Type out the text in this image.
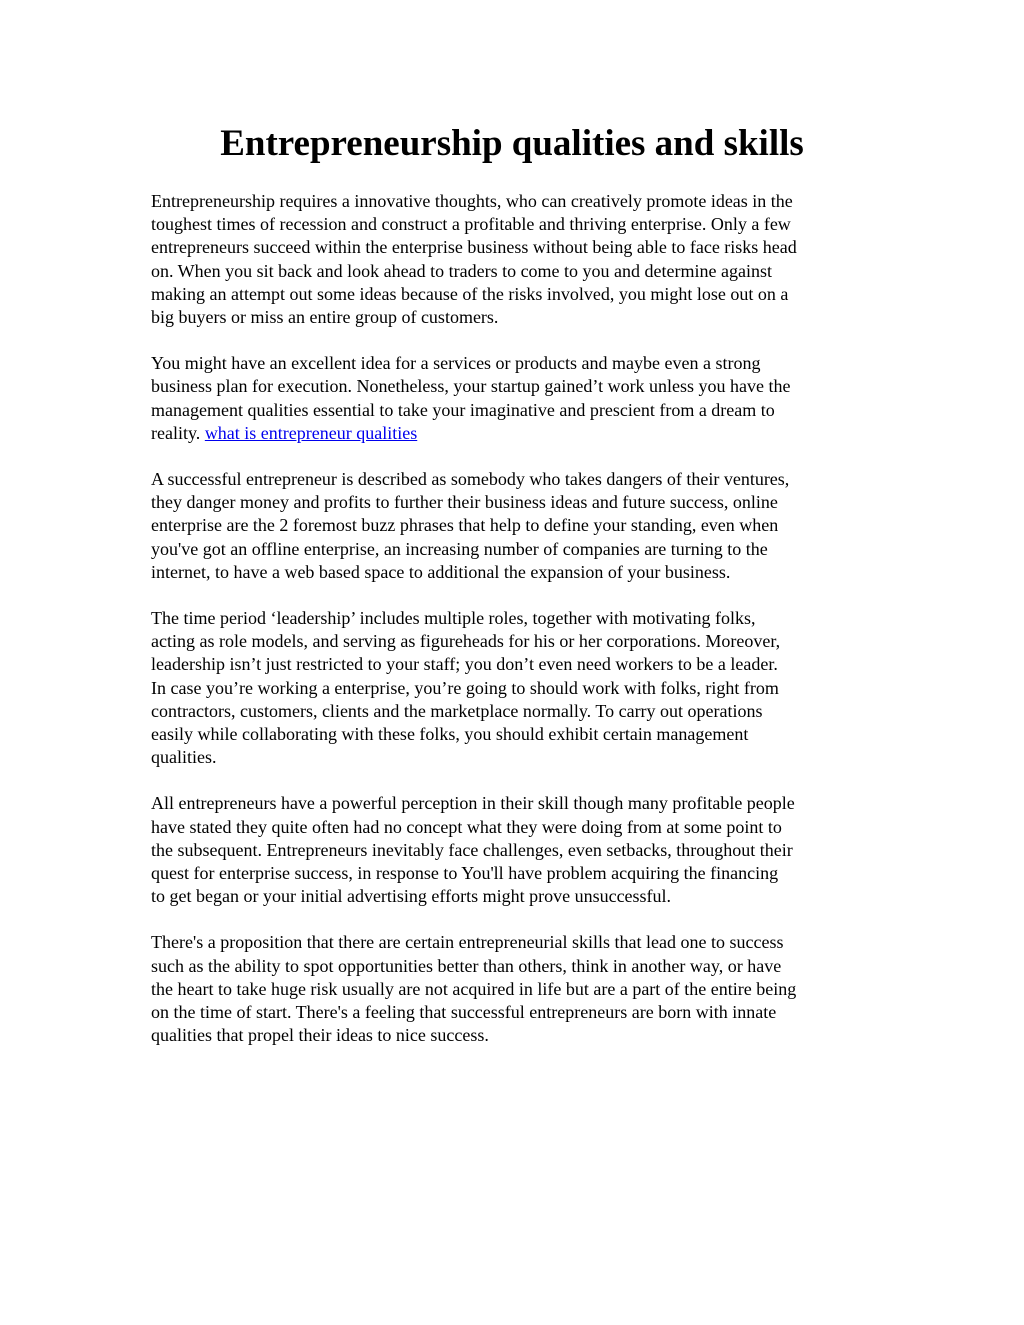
Entrepreneurship qualities and skills

Entrepreneurship requires a innovative thoughts, who can creatively promote ideas in the
toughest times of recession and construct a profitable and thriving enterprise. Only a few
entrepreneurs succeed within the enterprise business without being able to face risks head
on. When you sit back and look ahead to traders to come to you and determine against
making an attempt out some ideas because of the risks involved, you might lose out on a
big buyers or miss an entire group of customers.

You might have an excellent idea for a services or products and maybe even a strong
business plan for execution. Nonetheless, your startup gained’t work unless you have the
management qualities essential to take your imaginative and prescient from a dream to
reality. what is entrepreneur qualities

A successful entrepreneur is described as somebody who takes dangers of their ventures,
they danger money and profits to further their business ideas and future success, online
enterprise are the 2 foremost buzz phrases that help to define your standing, even when
you've got an offline enterprise, an increasing number of companies are turning to the
internet, to have a web based space to additional the expansion of your business.

The time period ‘leadership’ includes multiple roles, together with motivating folks,
acting as role models, and serving as figureheads for his or her corporations. Moreover,
leadership isn’t just restricted to your staff; you don’t even need workers to be a leader.
In case you’re working a enterprise, you’re going to should work with folks, right from
contractors, customers, clients and the marketplace normally. To carry out operations
easily while collaborating with these folks, you should exhibit certain management
qualities.

All entrepreneurs have a powerful perception in their skill though many profitable people
have stated they quite often had no concept what they were doing from at some point to
the subsequent. Entrepreneurs inevitably face challenges, even setbacks, throughout their
quest for enterprise success, in response to You'll have problem acquiring the financing
to get began or your initial advertising efforts might prove unsuccessful.

There's a proposition that there are certain entrepreneurial skills that lead one to success
such as the ability to spot opportunities better than others, think in another way, or have
the heart to take huge risk usually are not acquired in life but are a part of the entire being
on the time of start. There's a feeling that successful entrepreneurs are born with innate
qualities that propel their ideas to nice success.
